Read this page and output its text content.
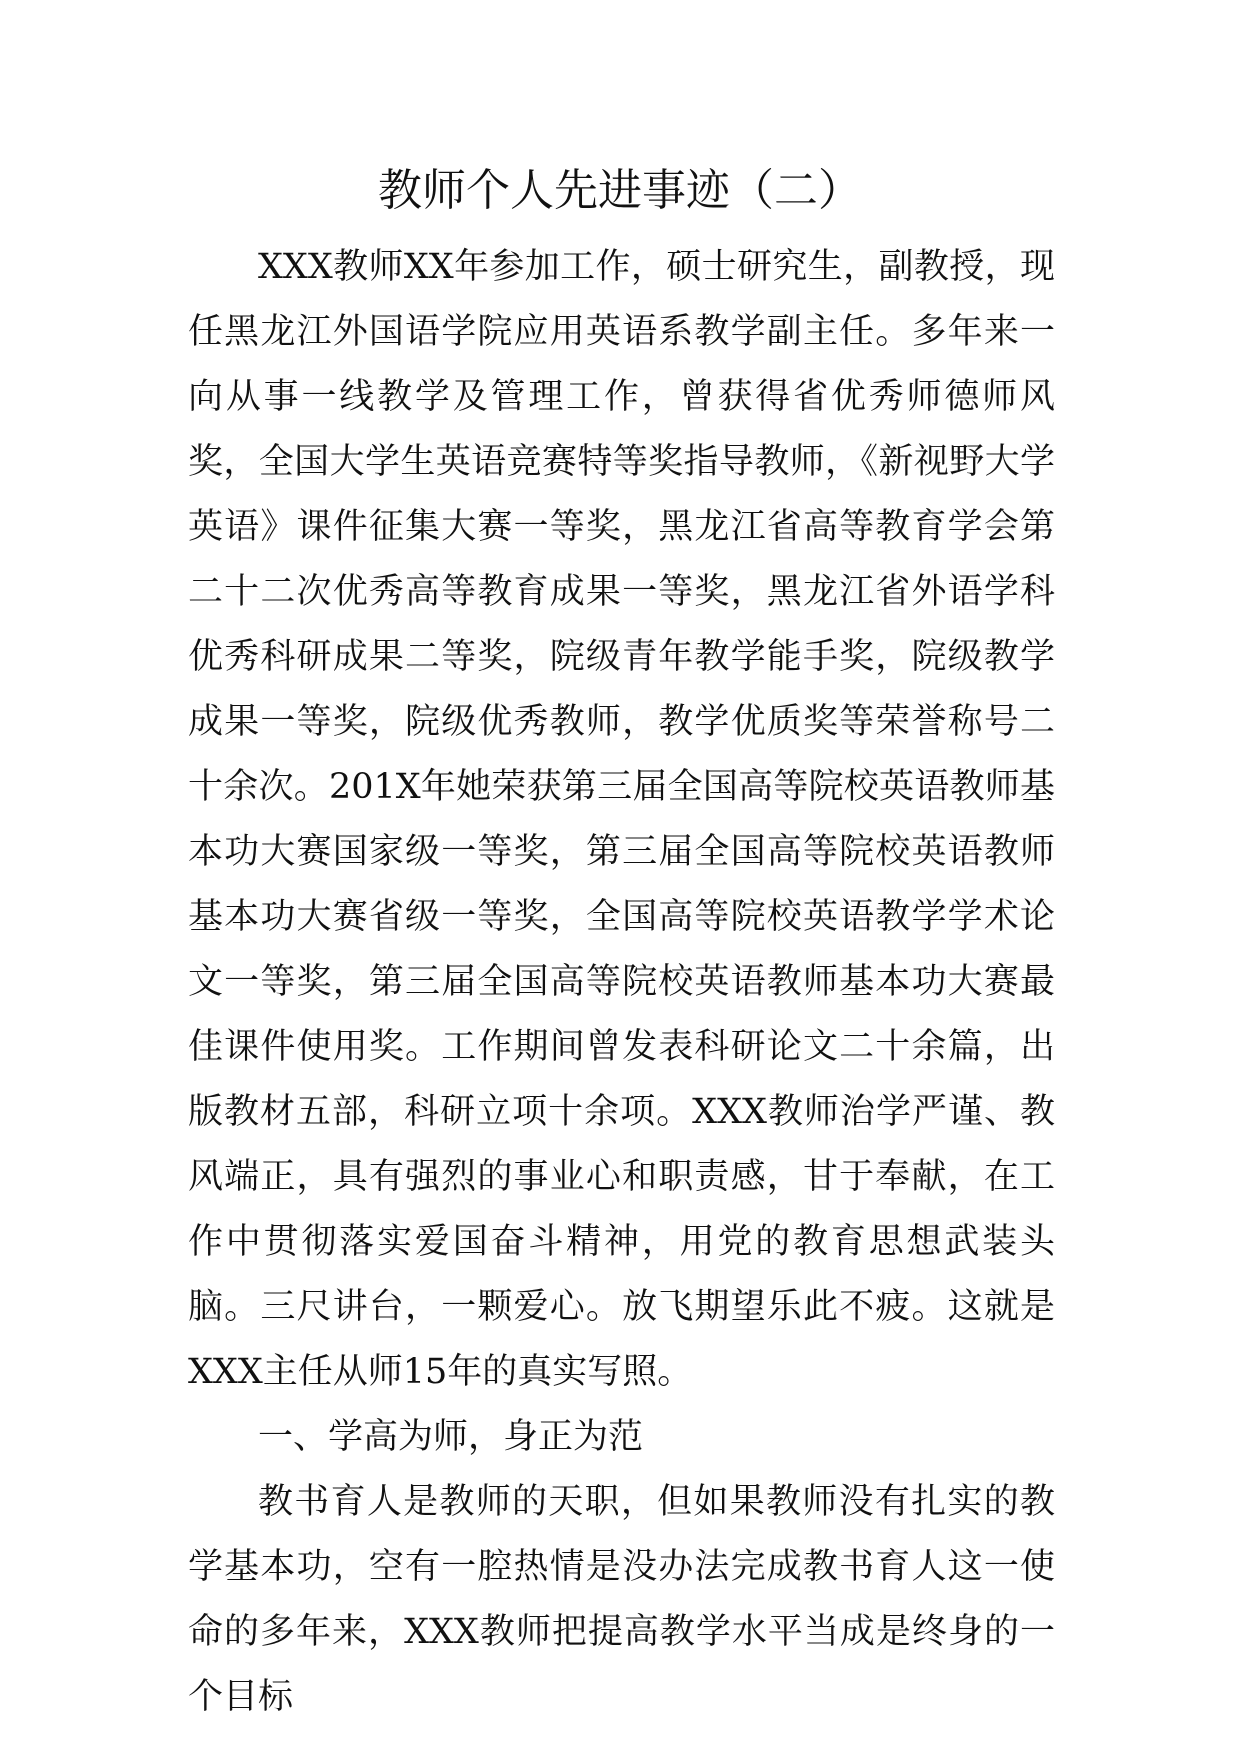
教师个人先进事迹（二）

XXX教师XX年参加工作，硕士研究生，副教授，现任黑龙江外国语学院应用英语系教学副主任。多年来一向从事一线教学及管理工作，曾获得省优秀师德师风奖，全国大学生英语竞赛特等奖指导教师，《新视野大学英语》课件征集大赛一等奖，黑龙江省高等教育学会第二十二次优秀高等教育成果一等奖，黑龙江省外语学科优秀科研成果二等奖，院级青年教学能手奖，院级教学成果一等奖，院级优秀教师，教学优质奖等荣誉称号二十余次。201X年她荣获第三届全国高等院校英语教师基本功大赛国家级一等奖，第三届全国高等院校英语教师基本功大赛省级一等奖，全国高等院校英语教学学术论文一等奖，第三届全国高等院校英语教师基本功大赛最佳课件使用奖。工作期间曾发表科研论文二十余篇，出版教材五部，科研立项十余项。XXX教师治学严谨、教风端正，具有强烈的事业心和职责感，甘于奉献，在工作中贯彻落实爱国奋斗精神，用党的教育思想武装头脑。三尺讲台，一颗爱心。放飞期望乐此不疲。这就是XXX主任从师15年的真实写照。

一、学高为师，身正为范

教书育人是教师的天职，但如果教师没有扎实的教学基本功，空有一腔热情是没办法完成教书育人这一使命的多年来，XXX教师把提高教学水平当成是终身的一个目标
